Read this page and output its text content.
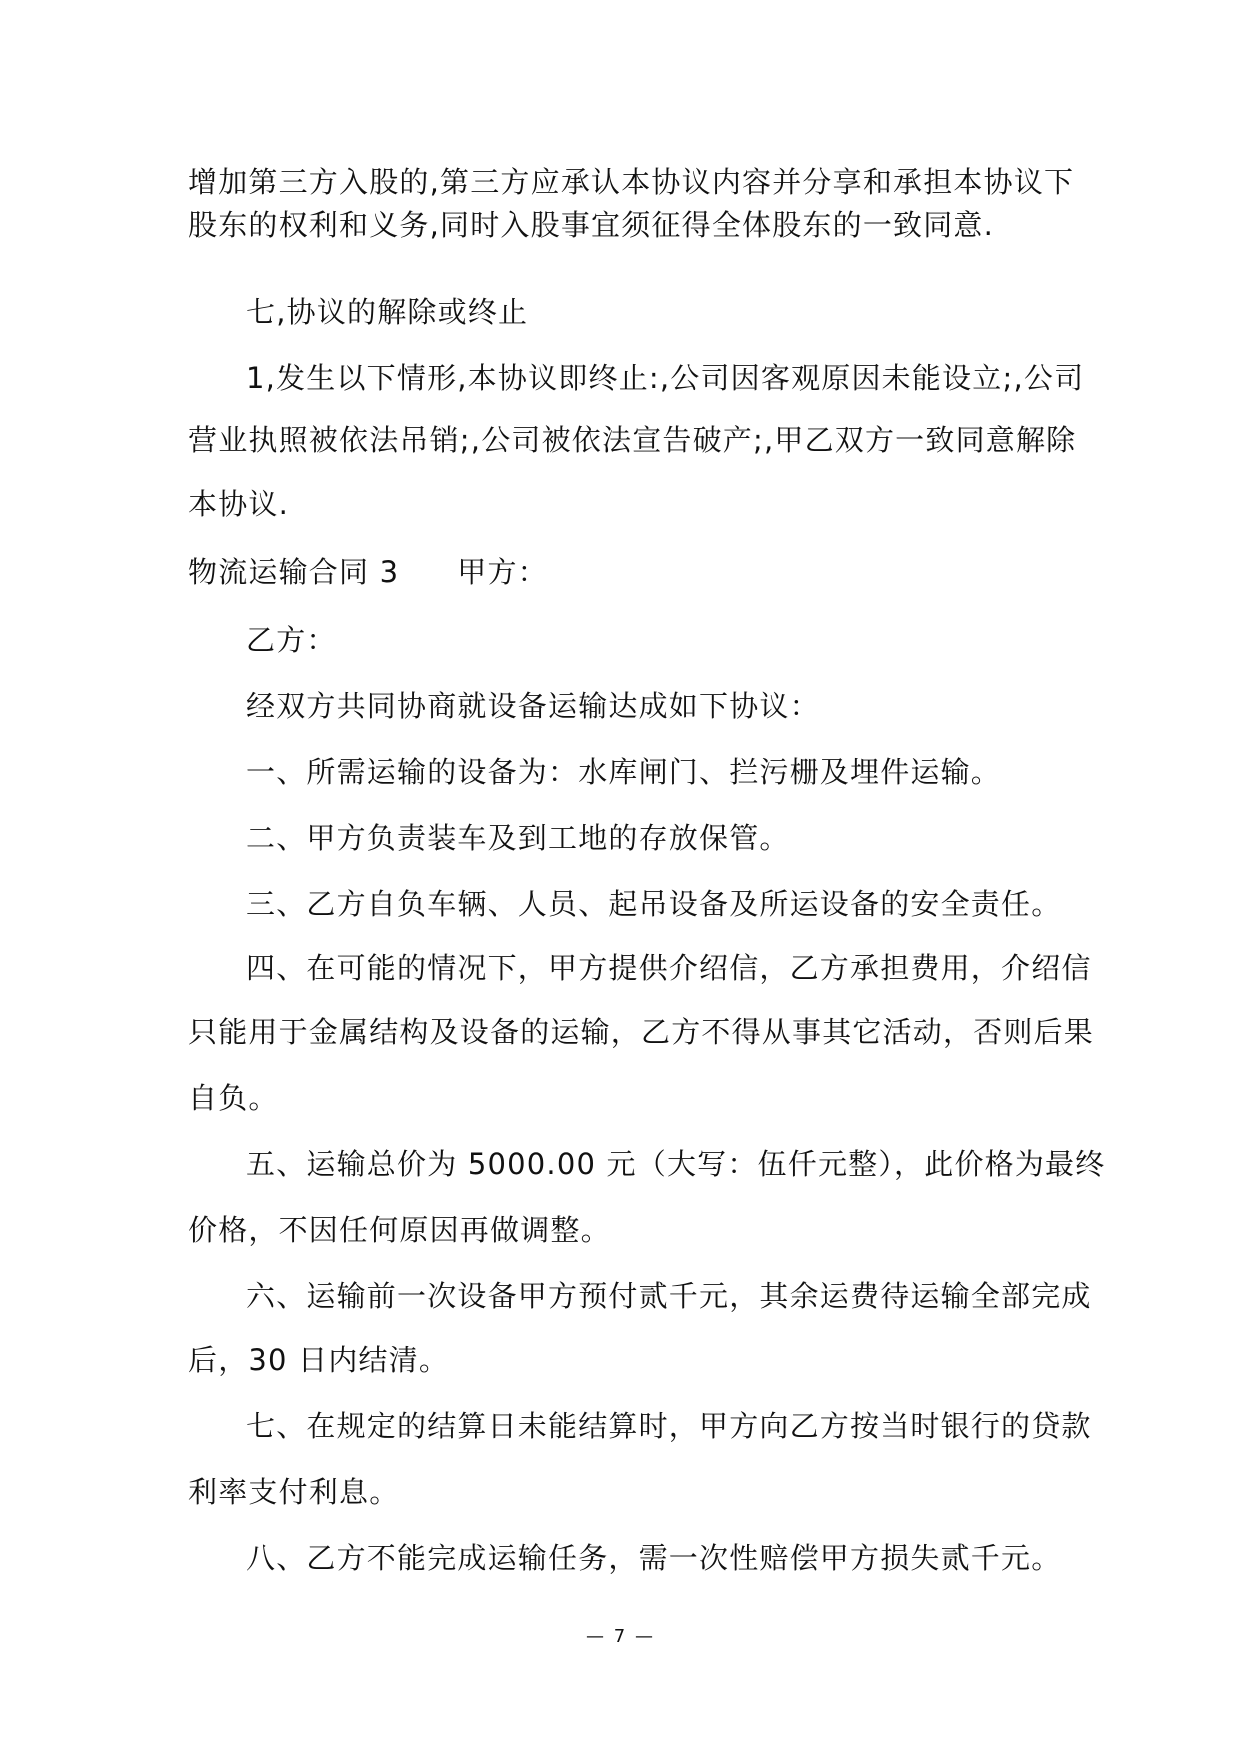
增加第三方入股的,第三方应承认本协议内容并分享和承担本协议下
股东的权利和义务,同时入股事宜须征得全体股东的一致同意.
七,协议的解除或终止
1,发生以下情形,本协议即终止:,公司因客观原因未能设立;,公司
营业执照被依法吊销;,公司被依法宣告破产;,甲乙双方一致同意解除
本协议.
物流运输合同 3 甲方：
乙方：
经双方共同协商就设备运输达成如下协议：
一、所需运输的设备为：水库闸门、拦污栅及埋件运输。
二、甲方负责装车及到工地的存放保管。
三、乙方自负车辆、人员、起吊设备及所运设备的安全责任。
四、在可能的情况下，甲方提供介绍信，乙方承担费用，介绍信
只能用于金属结构及设备的运输，乙方不得从事其它活动，否则后果
自负。
五、运输总价为 5000.00 元（大写：伍仟元整），此价格为最终
价格，不因任何原因再做调整。
六、运输前一次设备甲方预付贰千元，其余运费待运输全部完成
后，30 日内结清。
七、在规定的结算日未能结算时，甲方向乙方按当时银行的贷款
利率支付利息。
八、乙方不能完成运输任务，需一次性赔偿甲方损失贰千元。
— 7 —
